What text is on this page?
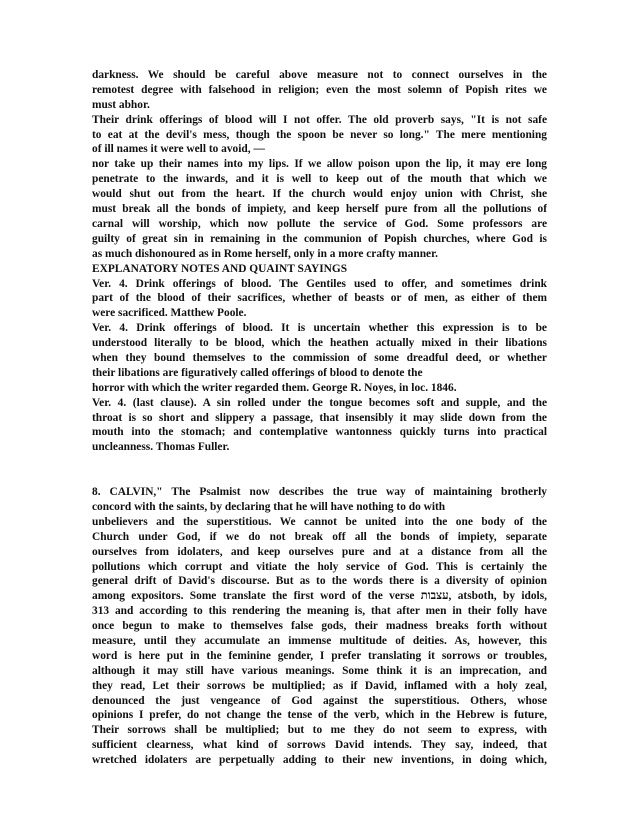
darkness. We should be careful above measure not to connect ourselves in the
remotest degree with falsehood in religion; even the most solemn of Popish rites we
must abhor.
Their drink offerings of blood will I not offer. The old proverb says, "It is not safe
to eat at the devil's mess, though the spoon be never so long." The mere mentioning
of ill names it were well to avoid, —
nor take up their names into my lips. If we allow poison upon the lip, it may ere long
penetrate to the inwards, and it is well to keep out of the mouth that which we
would shut out from the heart. If the church would enjoy union with Christ, she
must break all the bonds of impiety, and keep herself pure from all the pollutions of
carnal will worship, which now pollute the service of God. Some professors are
guilty of great sin in remaining in the communion of Popish churches, where God is
as much dishonoured as in Rome herself, only in a more crafty manner.
EXPLANATORY NOTES AND QUAINT SAYINGS
Ver. 4. Drink offerings of blood. The Gentiles used to offer, and sometimes drink
part of the blood of their sacrifices, whether of beasts or of men, as either of them
were sacrificed. Matthew Poole.
Ver. 4. Drink offerings of blood. It is uncertain whether this expression is to be
understood literally to be blood, which the heathen actually mixed in their libations
when they bound themselves to the commission of some dreadful deed, or whether
their libations are figuratively called offerings of blood to denote the
horror with which the writer regarded them. George R. Noyes, in loc. 1846.
Ver. 4. (last clause). A sin rolled under the tongue becomes soft and supple, and the
throat is so short and slippery a passage, that insensibly it may slide down from the
mouth into the stomach; and contemplative wantonness quickly turns into practical
uncleanness. Thomas Fuller.
8. CALVIN," The Psalmist now describes the true way of maintaining brotherly
concord with the saints, by declaring that he will have nothing to do with
unbelievers and the superstitious. We cannot be united into the one body of the
Church under God, if we do not break off all the bonds of impiety, separate
ourselves from idolaters, and keep ourselves pure and at a distance from all the
pollutions which corrupt and vitiate the holy service of God. This is certainly the
general drift of David's discourse. But as to the words there is a diversity of opinion
among expositors. Some translate the first word of the verse עצבות, atsboth, by idols,
313 and according to this rendering the meaning is, that after men in their folly have
once begun to make to themselves false gods, their madness breaks forth without
measure, until they accumulate an immense multitude of deities. As, however, this
word is here put in the feminine gender, I prefer translating it sorrows or troubles,
although it may still have various meanings. Some think it is an imprecation, and
they read, Let their sorrows be multiplied; as if David, inflamed with a holy zeal,
denounced the just vengeance of God against the superstitious. Others, whose
opinions I prefer, do not change the tense of the verb, which in the Hebrew is future,
Their sorrows shall be multiplied; but to me they do not seem to express, with
sufficient clearness, what kind of sorrows David intends. They say, indeed, that
wretched idolaters are perpetually adding to their new inventions, in doing which,
